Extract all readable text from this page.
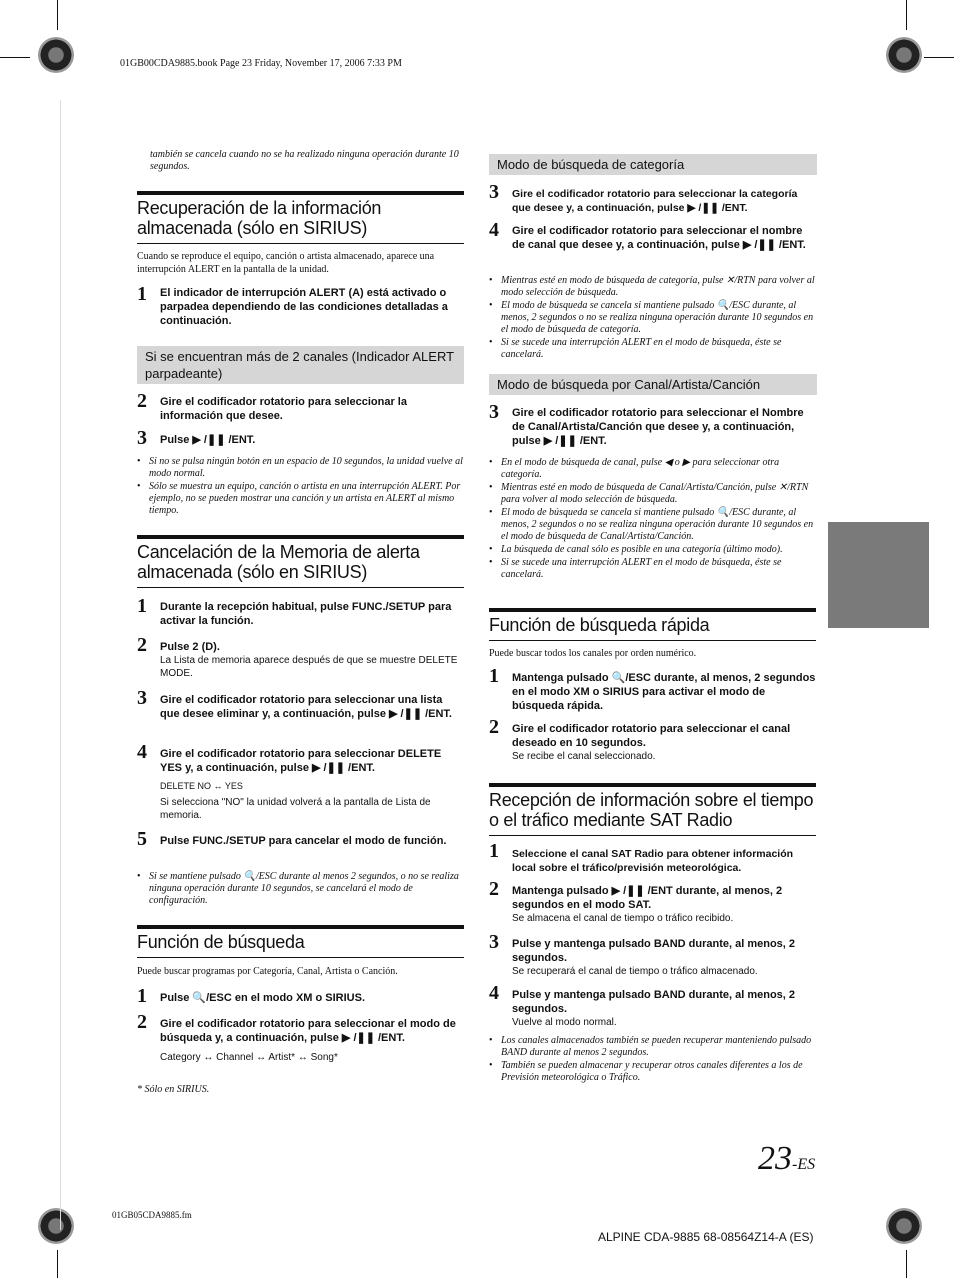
01GB00CDA9885.book Page 23 Friday, November 17, 2006 7:33 PM
también se cancela cuando no se ha realizado ninguna operación durante 10 segundos.
Recuperación de la información almacenada (sólo en SIRIUS)
Cuando se reproduce el equipo, canción o artista almacenado, aparece una interrupción ALERT en la pantalla de la unidad.
1 El indicador de interrupción ALERT (A) está activado o parpadea dependiendo de las condiciones detalladas a continuación.
Si se encuentran más de 2 canales (Indicador ALERT parpadeante)
2 Gire el codificador rotatorio para seleccionar la información que desee.
3 Pulse ▶ /❚❚ /ENT.
• Si no se pulsa ningún botón en un espacio de 10 segundos, la unidad vuelve al modo normal.
• Sólo se muestra un equipo, canción o artista en una interrupción ALERT. Por ejemplo, no se pueden mostrar una canción y un artista en ALERT al mismo tiempo.
Cancelación de la Memoria de alerta almacenada (sólo en SIRIUS)
1 Durante la recepción habitual, pulse FUNC./SETUP para activar la función.
2 Pulse 2 (D).
La Lista de memoria aparece después de que se muestre DELETE MODE.
3 Gire el codificador rotatorio para seleccionar una lista que desee eliminar y, a continuación, pulse ▶ /❚❚ /ENT.
4 Gire el codificador rotatorio para seleccionar DELETE YES y, a continuación, pulse ▶ /❚❚ /ENT.
DELETE NO ↔ YES
Si selecciona "NO" la unidad volverá a la pantalla de Lista de memoria.
5 Pulse FUNC./SETUP para cancelar el modo de función.
• Si se mantiene pulsado 🔍/ESC durante al menos 2 segundos, o no se realiza ninguna operación durante 10 segundos, se cancelará el modo de configuración.
Función de búsqueda
Puede buscar programas por Categoría, Canal, Artista o Canción.
1 Pulse 🔍/ESC en el modo XM o SIRIUS.
2 Gire el codificador rotatorio para seleccionar el modo de búsqueda y, a continuación, pulse ▶ /❚❚ /ENT.
Category ↔ Channel ↔ Artist* ↔ Song*
* Sólo en SIRIUS.
Modo de búsqueda de categoría
3 Gire el codificador rotatorio para seleccionar la categoría que desee y, a continuación, pulse ▶ /❚❚ /ENT.
4 Gire el codificador rotatorio para seleccionar el nombre de canal que desee y, a continuación, pulse ▶ /❚❚ /ENT.
• Mientras esté en modo de búsqueda de categoría, pulse ✕/RTN para volver al modo selección de búsqueda.
• El modo de búsqueda se cancela si mantiene pulsado 🔍/ESC durante, al menos, 2 segundos o no se realiza ninguna operación durante 10 segundos en el modo de búsqueda de categoría.
• Si se sucede una interrupción ALERT en el modo de búsqueda, éste se cancelará.
Modo de búsqueda por Canal/Artista/Canción
3 Gire el codificador rotatorio para seleccionar el Nombre de Canal/Artista/Canción que desee y, a continuación, pulse ▶ /❚❚ /ENT.
• En el modo de búsqueda de canal, pulse ◀ o ▶ para seleccionar otra categoría.
• Mientras esté en modo de búsqueda de Canal/Artista/Canción, pulse ✕/RTN para volver al modo selección de búsqueda.
• El modo de búsqueda se cancela si mantiene pulsado 🔍/ESC durante, al menos, 2 segundos o no se realiza ninguna operación durante 10 segundos en el modo de búsqueda de Canal/Artista/Canción.
• La búsqueda de canal sólo es posible en una categoría (último modo).
• Si se sucede una interrupción ALERT en el modo de búsqueda, éste se cancelará.
Función de búsqueda rápida
Puede buscar todos los canales por orden numérico.
1 Mantenga pulsado 🔍/ESC durante, al menos, 2 segundos en el modo XM o SIRIUS para activar el modo de búsqueda rápida.
2 Gire el codificador rotatorio para seleccionar el canal deseado en 10 segundos.
Se recibe el canal seleccionado.
Recepción de información sobre el tiempo o el tráfico mediante SAT Radio
1 Seleccione el canal SAT Radio para obtener información local sobre el tráfico/previsión meteorológica.
2 Mantenga pulsado ▶ /❚❚ /ENT durante, al menos, 2 segundos en el modo SAT.
Se almacena el canal de tiempo o tráfico recibido.
3 Pulse y mantenga pulsado BAND durante, al menos, 2 segundos.
Se recuperará el canal de tiempo o tráfico almacenado.
4 Pulse y mantenga pulsado BAND durante, al menos, 2 segundos.
Vuelve al modo normal.
• Los canales almacenados también se pueden recuperar manteniendo pulsado BAND durante al menos 2 segundos.
• También se pueden almacenar y recuperar otros canales diferentes a los de Previsión meteorológica o Tráfico.
23-ES
01GB05CDA9885.fm
ALPINE CDA-9885 68-08564Z14-A (ES)
